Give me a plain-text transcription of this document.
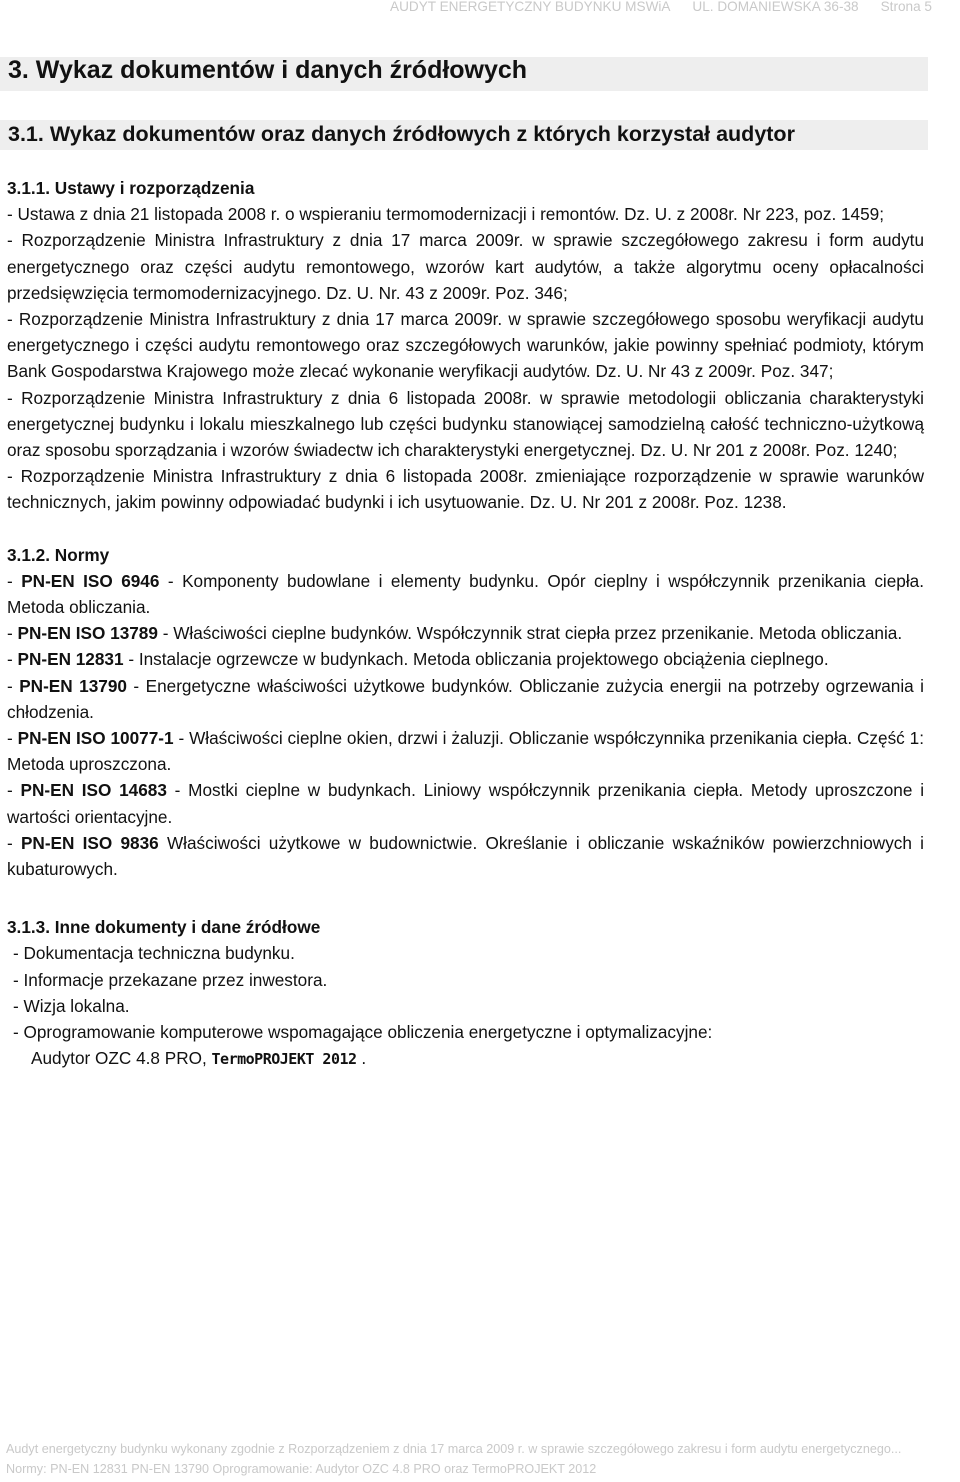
AUDYT ENERGETYCZNY BUDYNKU MSWiA      UL. DOMANIEWSKA 36-38 Strona 5
3. Wykaz dokumentów i danych źródłowych
3.1. Wykaz dokumentów oraz danych źródłowych z których korzystał audytor

3.1.1. Ustawy i rozporządzenia

- Ustawa z dnia 21 listopada 2008 r. o wspieraniu termomodernizacji i remontów. Dz. U. z 2008r. Nr 223, poz. 1459;

- Rozporządzenie Ministra Infrastruktury z dnia 17 marca 2009r. w sprawie szczegółowego zakresu i form audytu energetycznego oraz części audytu remontowego, wzorów kart audytów, a także algorytmu oceny opłacalności przedsięwzięcia termomodernizacyjnego. Dz. U. Nr. 43 z 2009r. Poz. 346;

- Rozporządzenie Ministra Infrastruktury z dnia 17 marca 2009r. w sprawie szczegółowego sposobu weryfikacji audytu energetycznego i części audytu remontowego oraz szczegółowych warunków, jakie powinny spełniać podmioty, którym Bank Gospodarstwa Krajowego może zlecać wykonanie weryfikacji audytów. Dz. U. Nr 43 z 2009r. Poz. 347;

- Rozporządzenie Ministra Infrastruktury z dnia 6 listopada 2008r. w sprawie metodologii obliczania charakterystyki energetycznej budynku i lokalu mieszkalnego lub części budynku stanowiącej samodzielną całość techniczno-użytkową oraz sposobu sporządzania i wzorów świadectw ich charakterystyki energetycznej. Dz. U. Nr 201 z 2008r. Poz. 1240;

- Rozporządzenie Ministra Infrastruktury z dnia 6 listopada 2008r. zmieniające rozporządzenie w sprawie warunków technicznych, jakim powinny odpowiadać budynki i ich usytuowanie. Dz. U. Nr 201 z 2008r. Poz. 1238.

3.1.2. Normy

- PN-EN ISO 6946 - Komponenty budowlane i elementy budynku. Opór cieplny i współczynnik przenikania ciepła. Metoda obliczania.

- PN-EN ISO 13789 - Właściwości cieplne budynków. Współczynnik strat ciepła przez przenikanie. Metoda obliczania.

- PN-EN 12831 - Instalacje ogrzewcze w budynkach. Metoda obliczania projektowego obciążenia cieplnego.

- PN-EN 13790 - Energetyczne właściwości użytkowe budynków. Obliczanie zużycia energii na potrzeby ogrzewania i chłodzenia.

- PN-EN ISO 10077-1 - Właściwości cieplne okien, drzwi i żaluzji. Obliczanie współczynnika przenikania ciepła. Część 1: Metoda uproszczona.

- PN-EN ISO 14683 - Mostki cieplne w budynkach. Liniowy współczynnik przenikania ciepła. Metody uproszczone i wartości orientacyjne.

- PN-EN ISO 9836 Właściwości użytkowe w budownictwie. Określanie i obliczanie wskaźników powierzchniowych i kubaturowych.

3.1.3. Inne dokumenty i dane źródłowe

- Dokumentacja techniczna budynku.

- Informacje przekazane przez inwestora.

- Wizja lokalna.

- Oprogramowanie komputerowe wspomagające obliczenia energetyczne i optymalizacyjne:

Audytor OZC 4.8 PRO, TermoPROJEKT 2012 .

Audyt energetyczny budynku wykonany zgodnie z Rozporządzeniem z dnia 17 marca 2009 r. w sprawie szczegółowego zakresu i form audytu energetycznego...
Normy: PN-EN 12831 PN-EN 13790 Oprogramowanie: Audytor OZC 4.8 PRO oraz TermoPROJEKT 2012
